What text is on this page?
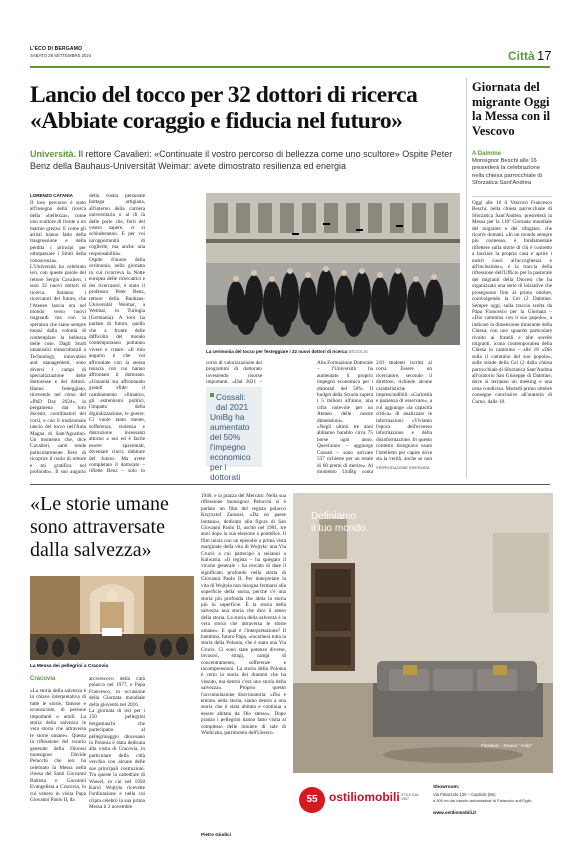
L'ECO DI BERGAMO
SABATO 28 SETTEMBRE 2024	Città 17
Lancio del tocco per 32 dottori di ricerca
«Abbiate coraggio e fiducia nel futuro»
Università. Il rettore Cavalieri: «Continuate il vostro percorso di bellezza come uno scultore» Ospite Peter Benz della Bauhaus-Universität Weimar: avete dimostrato resilienza ed energia
LORENZO CATANIA
Il loro percorso è stato all'insegna della ricerca della «bellezza», come uno scultore di fronte a un marmo grezzo. E come gli artisti hanno fatto della trasgressione e della perdita i principi per oltrepassare i limiti della conoscenza».
L'Università ha celebrato ieri, con queste parole del rettore Sergio Cavalieri, i suoi 32 nuovi dottori di ricerca. Saranno i ricercatori del futuro, che l'Ateneo lancia ora nel mondo verso nuovi traguardi ma con la speranza che siano sempre mossi dalla volontà di contemplare la bellezza delle cose. Dagli Studi umanistici transculturali a Technology, innovation and management, sono diversi i campi di specializzazione delle dottoresse e dei dottori. Hanno festeggiato, ricevendo nel corso del «PhD Day 2024», la pergamena dai loro docenti, coordinatori dei corsi, e con il tradizionale lancio del tocco nell'Aula Magna di Sant'Agostino. Un momento che, dice Cavalieri, «ami rende particolarmente fiero di ricoprire il ruolo di rettore e mi gratifica nel profondo». Il suo augurio
della vostra personale bottega artigiana, all'interno della carriera universitaria o al di là delle porte che, forti del vostro sapere, vi si schiuderanno. E per voi un'opportunità di coglierle, ma anche una responsabilità».
Ospite d'onore della cerimonia, nella giornata in cui ricorreva la Notte europea delle ricercatrici e dei ricercatori, è stato il professor Peter Benz, rettore della Bauhaus-Universität Weimar, a Weimar, in Turingia (Germania). A loro ha parlato di futuro, quello che a fronte delle difficoltà del mondo contemporaneo potranno vivere e creare: «Il mio augurio è che voi affrontiate con la stessa tenacia con cui hanno affrontato il dottorato. «Umanità sta affrontando grandi sfide: il cambiamento climatico, gli estremismi politici, l'impatto della digitalizzazione, le guerre. Ci vuole tanto mente, sofferenza, violenza e distruzione incessanti attorno a noi ed è facile essere spaventati, diventare cinici, dubitare del futuro. Ma avete completato il dottorato – riflette Benz – solo lo

La cerimonia del tocco per festeggiare i 32 nuovi dottori di ricerca BEDOLIS
corso di valorizzazione dei programmi di dottorato investendo risorse importanti. «Dal 2021 –
Cossali: dal 2021
UniBg ha aumentato
del 50% l'impegno
economico
per i dottorati
Alta Formazione Dottorale – l'Università ha aumentato il proprio impegno economico per i dottorati del 50%. Il budget della Scuola supera i 5 milioni all'anno, una cifra notevole per un Ateneo delle nostre dimensioni».
«Negli ultimi tre anni abbiamo bandito circa 75 borse ogni anno. Quest'anno – aggiunge Cossali – sono arrivate 537 richieste per un totale di 68 premi di merito». Al momento UniBg conta
210 studenti iscritti ai corsi. Essere un ricercatore, secondo il direttore, richiede alcune caratteristiche imprescindibili: «Curiosità e pazienza di osservare», a cui aggiunge «la capacità critica» di analizzare le informazioni. «Viviamo l'epoca dell'eccesso informazione e della disinformazione. In questo contesto bisognava usare l'intelletto per capire dove sta la verità, anche se non
©RIPRODUZIONE RISERVATA
Giornata del migrante Oggi la Messa con il Vescovo
A Dalmine
Monsignor Beschi alle 16 presiederà la celebrazione nella chiesa parrocchiale di Sforzatica Sant'Andrea
Oggi alle 16 il Vescovo Francesco Beschi, nella chiesa parrocchiale di Sforzatica Sant'Andrea, presiederà la Messa per la 110ª Giornata mondiale del migrante e del rifugiato, che ricorre domani. «In un mondo sempre più connesso, è fondamentale riflettere sulla storie di chi è costretto a lasciare la propria casa e aprire i nostri cuori all'accoglienza e all'inclusione», è la traccia della riflessione dell'Ufficio per la pastorale dei migranti della Diocesi che ha organizzato una serie di iniziative che proseguono fino al primo ottobre, coinvolgendo la Cei (2 Dalmine. Sempre oggi, sulla traccia scelta da Papa Francesco per la Giornata – «Dio cammina con il suo popolo», a indicare la dimensione itinerante della Chiesa, con uno sguardo particolare rivolto ai fratelli e alle sorelle migranti, icona contemporanea della Chiesa in cammino – alle 18 «Dio sulla il cammino del suo popolo», sulle strade della Cei (2 dalla chiesa parrocchiale di Sforzatica Sant'Andrea all'oratorio San Giuseppe di Dalmine, dove si terranno un meeting e una cena condivisa. Martedì primo ottobre consegne conclusive all'oratorio di Curno, dalle 18.
«Le storie umane sono attraversate dalla salvezza»
La Messa dei pellegrini a Cracovia
Cracovia
«La storia della salvezza è la chiave interpretativa di tutte le storie, famose e sconosciute, di persone importanti o umili. La storia della salvezza le vera storia che attraversa le storie umane». Questa la riflessione del vicario generale della Diocesi monsignor Davide Pelucchi che ieri ha celebrato la Messa nella chiesa dei Santi Giovanni Battista e Giovanni Evangelista a Cracovia, in cui venero in visita Papa Giovanni Paolo II, da
arcivescovo della città polacca nel 1977, e Papa Francesco, in occasione della Giornata mondiale della gioventù nel 2016.
La giornata di ieri per i 150 pellegrini bergamaschi che partecipano al pellegrinaggio diocesano in Polonia è stata dedicata alla visita di Cracovia, in particolare della città vecchia con alcune delle sue principali costruzioni. Tra queste la cattedrale di Wawel, in cui nel 1958 Karol Wojtyła ricevette l'ordinazione e nella cui cripta celebrò la sua prima Messa il 2 novembre
1946, e la piazza del Mercato. Nella sua riflessione monsignor Pelucchi si è parlato un film del regista polacco Krzysztof Zanussi, «Da un paese lontano», dedicato alla figura di San Giovanni Paolo II, uscito nel 1981, tre anni dopo la sua elezione a pontefice. Il film inizia con un episodio a prima vista marginale della vita di Wojtyła: una Via Crucis a cui partecipò a seiianni a Kalwaria. «Il regista – ha spiegato il vicario generale – ha cercato di dare il significato profondo nella storia di Giovanni Paolo II. Per interpretare la vita di Wojtyła non bisogna fermarsi alla superficie della storia, perché c'è una storia più profonda che abita la storia più in superficie. È la storia della salvezza una storia che dice il senso della storia. La storia della salvezza è la vera storia che attraversa le storie umane». E qual è l'interpretazione? Il bambino, futuro Papa, «incarnerà tutta la storia della Polonia, che è stata una Via Crucis. Ci sono state potenze diverse, invasori, stragi, campi di concentramento, sofferenze e incomprensioni. La storia della Polonia è certo la storia dei drammi che ha vissuto, ma dentro c'era una storia della salvezza». Proprio questo l'accumulazione discrimatoria: «Dio è entrato nella storia, siamo dentro a una storia che è stata abitata e continua a essere abitata da Dio stesso». Dopo pranzo i pellegrini hanno fatto visita al complesso delle miniere di sale di Wieliczka, patrimonio dell'Unesco.
Pietro Giudici
Definiamo
il tuo mondo.
Flexteam - Divano "Andy"
55 ostiliomobili STILE DAL 1957
Showroom:
Via Palazzolo 130 – Capriolo (Bs)
a 500 mt dal casello autostradale di Palazzolo sull'Oglio
www.ostiliomobili.it
